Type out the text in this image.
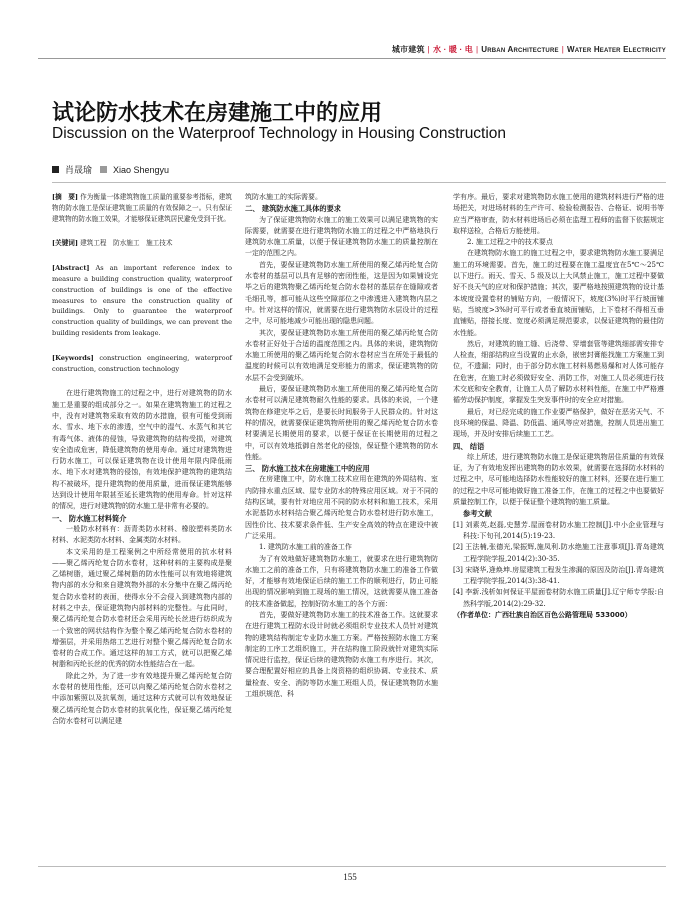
城市建筑 | 水 · 暖 · 电 | Urban Architecture | Water Heater Electricity
试论防水技术在房建施工中的应用
Discussion on the Waterproof Technology in Housing Construction
肖晟瑜 Xiao Shengyu

[摘　要] 作为衡量一体建筑物施工质量的重要参考指标，建筑物的防水施工是保证建筑施工质量的有效保障之一。只有保证建筑物的防水施工效果，才能够保证建筑居民避免受到干扰。

[关键词] 建筑工程　防水施工　施工技术

[Abstract] As an important reference index to measure a building construction quality, waterproof construction of buildings is one of the effective measures to ensure the construction quality of buildings. Only to guarantee the waterproof construction quality of buildings, we can prevent the building residents from leakage.

[Keywords] construction engineering, waterproof construction, construction technology

在进行建筑物施工的过程之中，进行对建筑物的防水施工是重要的组成部分之一。如果在建筑物施工的过程之中，没有对建筑物采取有效的防水措施，很有可能受到雨水、雪水、地下水的渗透，空气中的湿气、水蒸气和其它有毒气体、液体的侵蚀，导致建筑物的结构受损，对建筑安全造成危害，降低建筑物的使用寿命。通过对建筑物进行防水施工，可以保证建筑物在设计使用年限内降低雨水、地下水对建筑物的侵蚀，有效地保护建筑物的建筑结构不被破坏，提升建筑物的使用质量，进而保证建筑能够达到设计使用年限甚至延长建筑物的使用寿命。针对这样的情况，进行对建筑物的防水施工是非常有必要的。

一、 防水施工材料简介

一般防水材料有：沥青类防水材料、橡胶塑料类防水材料、水泥类防水材料、金属类防水材料。

本文采用的是工程案例之中所经常使用的抗水材料——聚乙烯丙纶复合防水卷材，这种材料的主要构成是聚乙烯树脂，通过聚乙烯树脂的防水性能可以有效地将建筑物内部的水分和来自建筑物外部的水分集中在聚乙烯丙纶复合防水卷材的表面，使得水分不会侵入到建筑物内部的材料之中去，保证建筑物内部材料的完整性。与此同时，聚乙烯丙纶复合防水卷材还会采用丙纶长丝进行纺织成为一个致密的网状结构作为整个聚乙烯丙纶复合防水卷材的增强层，并采用热熔工艺进行对整个聚乙烯丙纶复合防水卷材的合成工作。通过这样的加工方式，就可以把聚乙烯树脂和丙纶长丝的优秀的防水性能结合在一起。

除此之外，为了进一步有效地提升聚乙烯丙纶复合防水卷材的使用性能，还可以向聚乙烯丙纶复合防水卷材之中添加紫照以及抗氧剂，通过这种方式就可以有效地保证聚乙烯丙纶复合防水卷材的抗氧化性，保证聚乙烯丙纶复合防水卷材可以满足建

筑防水施工的实际需要。

二、 建筑防水施工具体的要求

为了保证建筑物防水施工的施工效果可以满足建筑物的实际需要，就需要在进行建筑物防水施工的过程之中严格地执行建筑防水施工质量，以便于保证建筑物防水施工的质量控制在一定的范围之内。

首先，要保证建筑物防水施工所使用的聚乙烯丙纶复合防水卷材的基层可以具有足够的密闭性能，这是因为如果铺设完毕之后的建筑物聚乙烯丙纶复合防水卷材的基层存在缝隙或者毛细孔等，都可能从这些空隙部位之中渗透进入建筑物内层之中。针对这样的情况，就需要在进行建筑物防水层设计的过程之中，尽可能地减少可能出现的隐患问题。

其次，要保证建筑物防水施工所使用的聚乙烯丙纶复合防水卷材正好处于合适的温度范围之内。具体的来说，建筑物防水施工所使用的聚乙烯丙纶复合防水卷材应当在所处于最低的温度的时候可以有效地满足变形能力的需求，保证建筑物的防水层不会受到破坏。

最后，要保证建筑物防水施工所使用的聚乙烯丙纶复合防水卷材可以满足建筑物耐久性能的要求。具体的来说，一个建筑物在修建完毕之后，是要长时间服务于人民群众的。针对这样的情况，就需要保证建筑物所使用的聚乙烯丙纶复合防水卷材要满足长期使用的要求，以便于保证在长期使用的过程之中，可以有效地抵御自然老化的侵蚀，保证整个建筑物的防水性能。

三、 防水施工技术在房建施工中的应用

在房建施工中，防水施工技术应用在建筑的外周结构、室内防排水重点区域、屋专业防水的特殊应用区域。对于不同的结构区域，要有针对地应用不同的防水材料和施工技术，采用水泥基防水材料结合聚乙烯丙纶复合防水卷材进行防水施工，因性价比、技术要求条件低、生产安全高效的特点在建设中被广泛采用。

1. 建筑防水施工前的准备工作

为了有效地做好建筑物防水施工，就要求在进行建筑物防水施工之前的准备工作，只有将建筑物防水施工的准备工作做好，才能够有效地保证后续的施工工作的顺利进行，防止可能出现的情况影响到施工现场的施工情况，这就需要从施工准备的技术准备做起，控制好防水施工的各个方面：

首先，要做好建筑物防水施工的技术准备工作。这就要求在进行建筑工程防水设计时就必须组织专业技术人员针对建筑物的建筑结构制定专业防水施工方案。严格按照防水施工方案制定的工序工艺组织施工，并在结构施工阶段就针对建筑实际情况进行监控，保证后续的建筑物防水施工有序进行。其次，要合理配置好相应的具备上岗资格的组织协调、专业技术、质量检查、安全、消防等防水施工班组人员，保证建筑物防水施工组织规范、科

学有序。最后，要求对建筑物防水施工使用的建筑材料进行严格的进场把关，对进场材料的生产许可、检验检测报告、合格证、说明书等应当严格审查，防水材料进场后必须在监理工程师的监督下依据规定取样送检，合格后方能使用。

2. 施工过程之中的技术要点

在建筑物防水施工的施工过程之中，要求建筑物防水施工要满足施工的环境需要。首先，施工的过程要在施工温度宜在5℃～25℃以下进行。雨天、雪天、5 级及以上大风禁止施工，施工过程中要做好不良天气的应对和保护措施；其次，要严格地按照建筑物的设计基本坡度设置卷材的铺贴方向，一般情况下，坡度(3%)时平行坡面铺贴，当坡度>3%时可平行或者垂直坡面铺贴，上下卷材不得相互垂直铺贴，搭接长度、宽度必须满足规范要求，以保证建筑物的最佳防水性能。

然后，对建筑的施工缝、后浇带、穿墙套管等建筑细部需安排专人检查，细部结构应当设置的止水条，嵌密封膏能找施工方案施工到位，不遗漏；同时，由于部分防水施工材料易燃易爆和对人体可能存在危害，在施工时必须做好安全、消防工作，对施工人员必须进行技术交底和安全教育，让施工人员了解防水材料性能，在施工中严格遵循劳动保护制度，掌握发生突发事件时的安全应对措施。

最后，对已经完成的施工作业要严格保护，做好在恶劣天气、不良环境的保温、降温、防低温、通风等应对措施，控制人员进出施工现场，并及时安排后续施工工艺。

四、 结语

综上所述，进行建筑物防水施工是保证建筑物居住质量的有效保证，为了有效地发挥出建筑物的防水效果，就需要在选择防水材料的过程之中，尽可能地选择防水性能较好的施工材料，还要在进行施工的过程之中尽可能地做好施工准备工作，在施工的过程之中也要做好质量控制工作，以便于保证整个建筑物的施工质量。

参考文献

[1] 刘素英,赵磊,史慧芳.屋面卷材防水施工控制[J].中小企业管理与科技:下旬刊,2014(5):19-23.

[2] 王法楠,张德光,梁振辉,施凤利.防水绝施工注意事项[J].青岛建筑工程学院学报,2014(2):30-35.

[3] 宋晓华,逄焕坤.房屋建筑工程发生渗漏的原因及防治[J].青岛建筑工程学院学报,2014(3):38-41.

[4] 李新.浅析如何保证平屋面卷材防水施工质量[J].辽宁师专学报:自然科学版,2014(2):29-32.

（作者单位：广西壮族自治区百色公路管理局 533000）

155
